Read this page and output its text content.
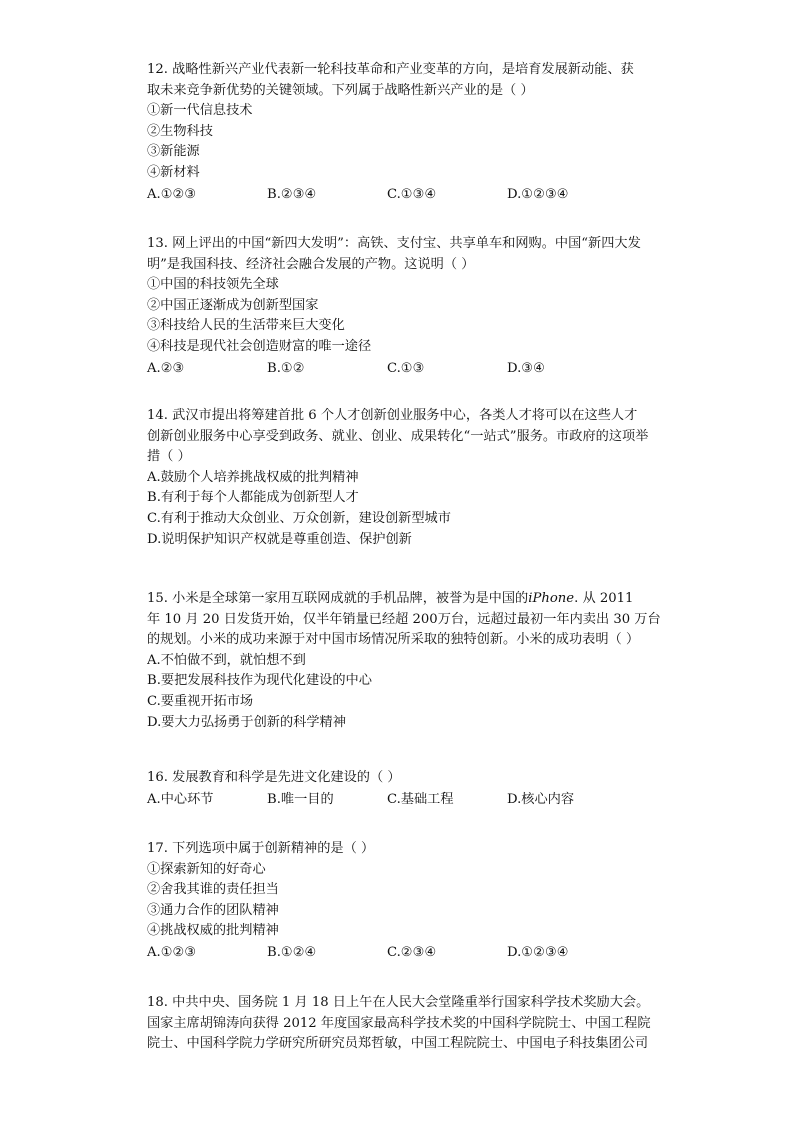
12. 战略性新兴产业代表新一轮科技革命和产业变革的方向，是培育发展新动能、获
取未来竞争新优势的关键领域。下列属于战略性新兴产业的是（ ）
①新一代信息技术
②生物科技
③新能源
④新材料
A.①②③	B.②③④	C.①③④	D.①②③④
13. 网上评出的中国“新四大发明”：高铁、支付宝、共享单车和网购。中国“新四大发
明”是我国科技、经济社会融合发展的产物。这说明（ ）
①中国的科技领先全球
②中国正逐渐成为创新型国家
③科技给人民的生活带来巨大变化
④科技是现代社会创造财富的唯一途径
A.②③	B.①②	C.①③	D.③④
14. 武汉市提出将筹建首批 6 个人才创新创业服务中心，各类人才将可以在这些人才
创新创业服务中心享受到政务、就业、创业、成果转化“一站式”服务。市政府的这项举
措（ ）
A.鼓励个人培养挑战权威的批判精神
B.有利于每个人都能成为创新型人才
C.有利于推动大众创业、万众创新，建设创新型城市
D.说明保护知识产权就是尊重创造、保护创新
15. 小米是全球第一家用互联网成就的手机品牌，被誉为是中国的iPhone. 从 2011
年 10 月 20 日发货开始，仅半年销量已经超 200万台，远超过最初一年内卖出 30 万台
的规划。小米的成功来源于对中国市场情况所采取的独特创新。小米的成功表明（ ）
A.不怕做不到，就怕想不到
B.要把发展科技作为现代化建设的中心
C.要重视开拓市场
D.要大力弘扬勇于创新的科学精神
16. 发展教育和科学是先进文化建设的（ ）
A.中心环节	B.唯一目的	C.基础工程	D.核心内容
17. 下列选项中属于创新精神的是（ ）
①探索新知的好奇心
②舍我其谁的责任担当
③通力合作的团队精神
④挑战权威的批判精神
A.①②③	B.①②④	C.②③④	D.①②③④
18. 中共中央、国务院 1 月 18 日上午在人民大会堂隆重举行国家科学技术奖励大会。
国家主席胡锦涛向获得 2012 年度国家最高科学技术奖的中国科学院院士、中国工程院
院士、中国科学院力学研究所研究员郑哲敏，中国工程院院士、中国电子科技集团公司
